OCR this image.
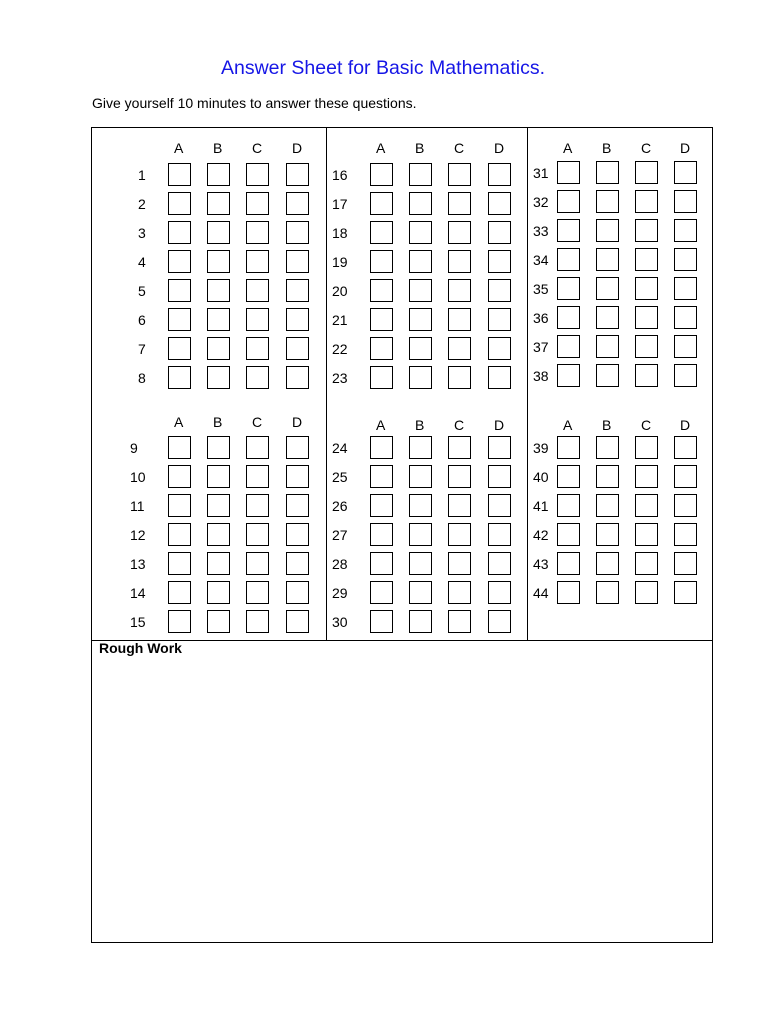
Answer Sheet for Basic Mathematics.
Give yourself 10 minutes to answer these questions.
A B C D
1
2
3
4
5
6
7
8
A B C D
16
17
18
19
20
21
22
23
A B C D
31
32
33
34
35
36
37
38
A B C D
9
10
11
12
13
14
15
A B C D
24
25
26
27
28
29
30
A B C D
39
40
41
42
43
44
Rough Work
